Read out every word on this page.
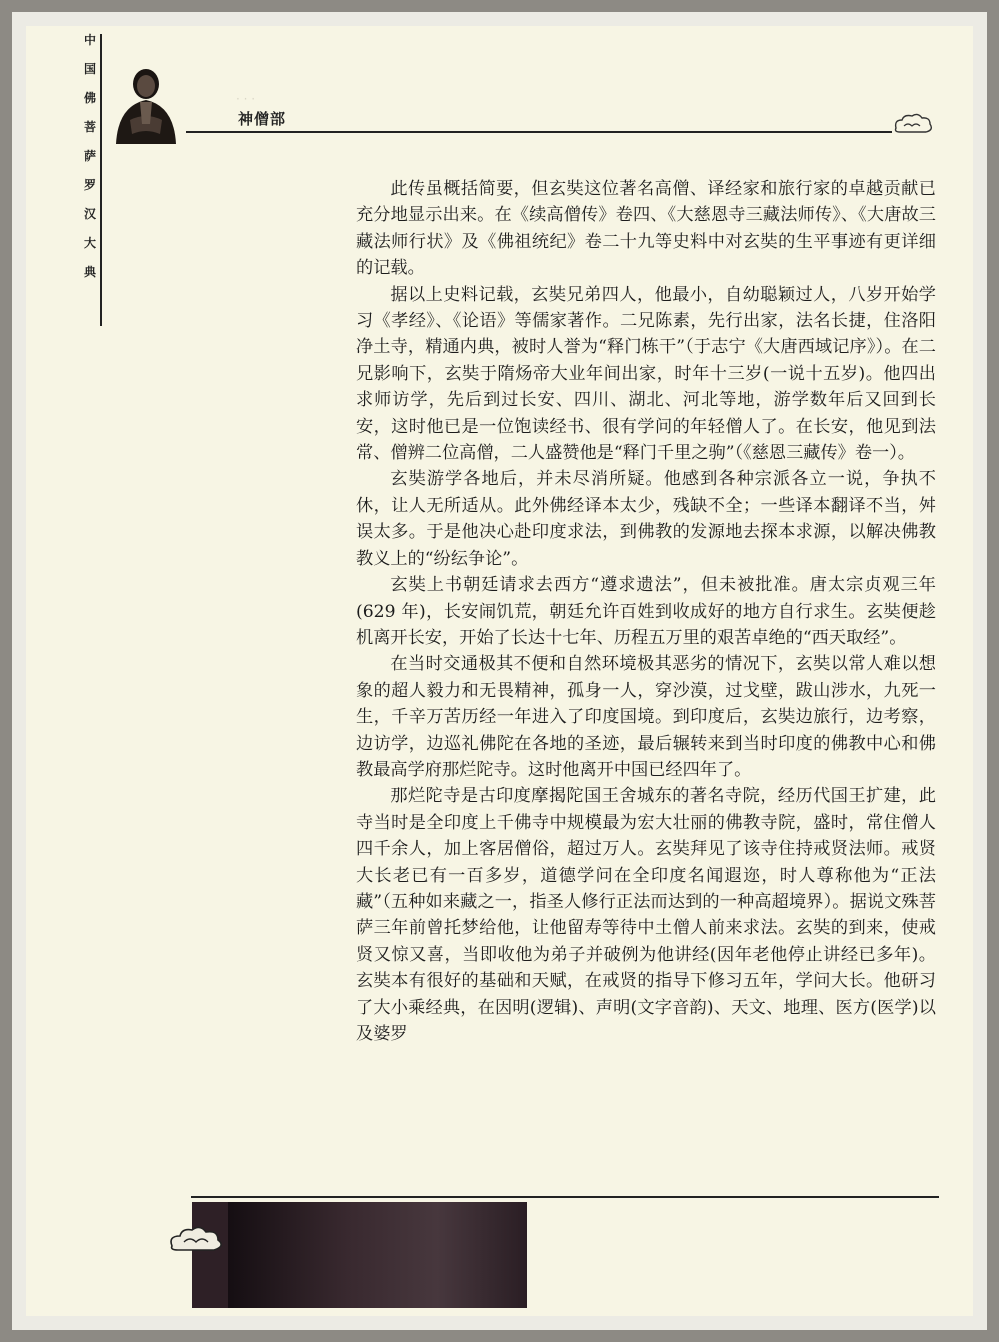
中
国
佛
菩
萨
罗
汉
大
典
· · ·
神僧部

此传虽概括简要，但玄奘这位著名高僧、译经家和旅行家的卓越贡献已充分地显示出来。在《续高僧传》卷四、《大慈恩寺三藏法师传》、《大唐故三藏法师行状》及《佛祖统纪》卷二十九等史料中对玄奘的生平事迹有更详细的记载。

据以上史料记载，玄奘兄弟四人，他最小，自幼聪颖过人，八岁开始学习《孝经》、《论语》等儒家著作。二兄陈素，先行出家，法名长捷，住洛阳净土寺，精通内典，被时人誉为“释门栋干”（于志宁《大唐西域记序》）。在二兄影响下，玄奘于隋炀帝大业年间出家，时年十三岁(一说十五岁)。他四出求师访学，先后到过长安、四川、湖北、河北等地，游学数年后又回到长安，这时他已是一位饱读经书、很有学问的年轻僧人了。在长安，他见到法常、僧辨二位高僧，二人盛赞他是“释门千里之驹”（《慈恩三藏传》卷一）。

玄奘游学各地后，并未尽消所疑。他感到各种宗派各立一说，争执不休，让人无所适从。此外佛经译本太少，残缺不全；一些译本翻译不当，舛误太多。于是他决心赴印度求法，到佛教的发源地去探本求源，以解决佛教教义上的“纷纭争论”。

玄奘上书朝廷请求去西方“遵求遗法”，但未被批准。唐太宗贞观三年(629 年)，长安闹饥荒，朝廷允许百姓到收成好的地方自行求生。玄奘便趁机离开长安，开始了长达十七年、历程五万里的艰苦卓绝的“西天取经”。

在当时交通极其不便和自然环境极其恶劣的情况下，玄奘以常人难以想象的超人毅力和无畏精神，孤身一人，穿沙漠，过戈壁，跋山涉水，九死一生，千辛万苦历经一年进入了印度国境。到印度后，玄奘边旅行，边考察，边访学，边巡礼佛陀在各地的圣迹，最后辗转来到当时印度的佛教中心和佛教最高学府那烂陀寺。这时他离开中国已经四年了。

那烂陀寺是古印度摩揭陀国王舍城东的著名寺院，经历代国王扩建，此寺当时是全印度上千佛寺中规模最为宏大壮丽的佛教寺院，盛时，常住僧人四千余人，加上客居僧俗，超过万人。玄奘拜见了该寺住持戒贤法师。戒贤大长老已有一百多岁，道德学问在全印度名闻遐迩，时人尊称他为“正法藏”（五种如来藏之一，指圣人修行正法而达到的一种高超境界）。据说文殊菩萨三年前曾托梦给他，让他留寿等待中土僧人前来求法。玄奘的到来，使戒贤又惊又喜，当即收他为弟子并破例为他讲经(因年老他停止讲经已多年)。玄奘本有很好的基础和天赋，在戒贤的指导下修习五年，学问大长。他研习了大小乘经典，在因明(逻辑)、声明(文字音韵)、天文、地理、医方(医学)以及婆罗
